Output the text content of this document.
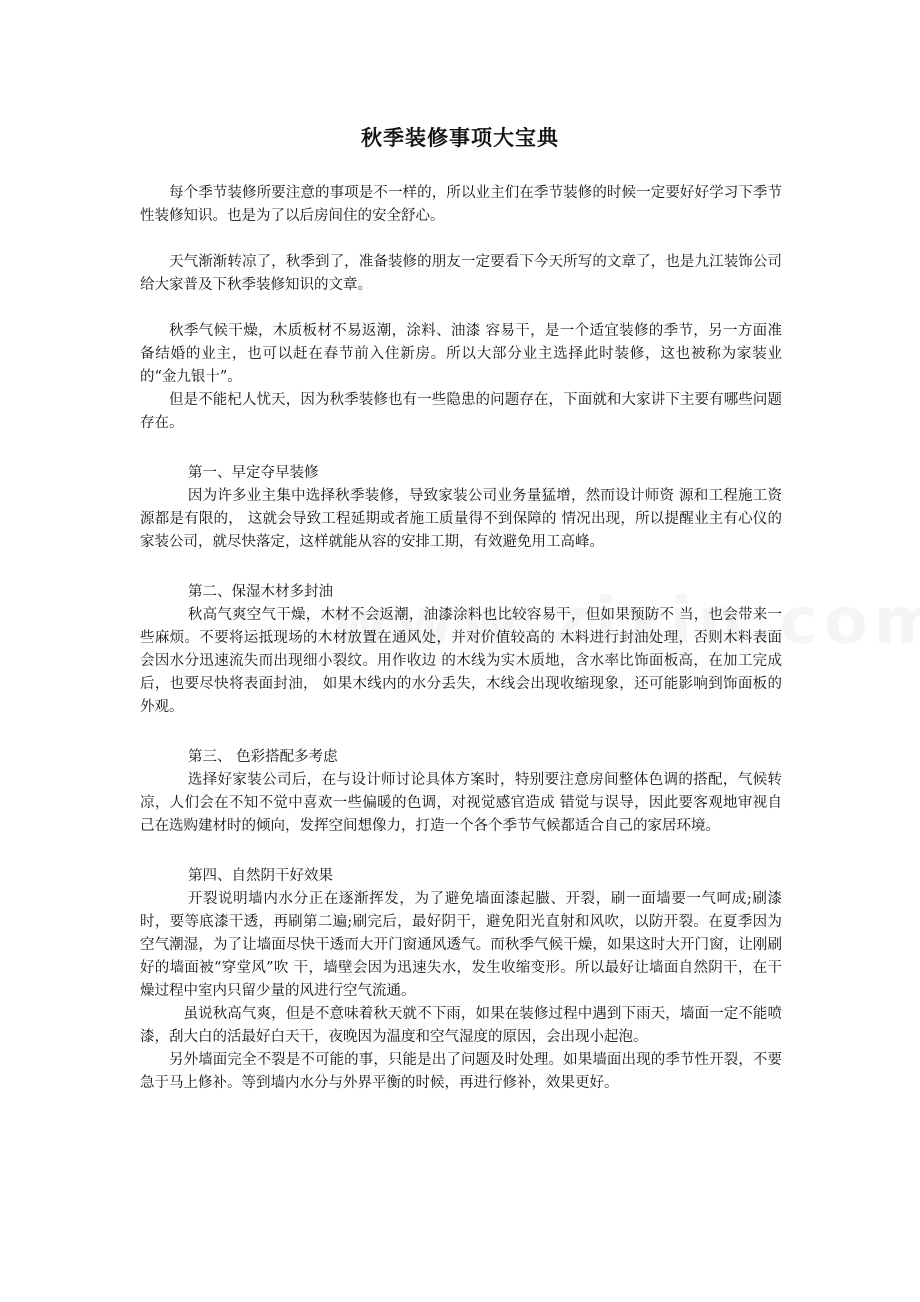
秋季装修事项大宝典

每个季节装修所要注意的事项是不一样的，所以业主们在季节装修的时候一定要好好学习下季节性装修知识。也是为了以后房间住的安全舒心。

天气渐渐转凉了，秋季到了，准备装修的朋友一定要看下今天所写的文章了，也是九江装饰公司给大家普及下秋季装修知识的文章。

秋季气候干燥，木质板材不易返潮，涂料、油漆 容易干，是一个适宜装修的季节，另一方面准备结婚的业主，也可以赶在春节前入住新房。所以大部分业主选择此时装修，这也被称为家装业的“金九银十”。

但是不能杞人忧天，因为秋季装修也有一些隐患的问题存在，下面就和大家讲下主要有哪些问题存在。

第一、早定夺早装修

因为许多业主集中选择秋季装修，导致家装公司业务量猛增，然而设计师资 源和工程施工资源都是有限的， 这就会导致工程延期或者施工质量得不到保障的 情况出现，所以提醒业主有心仪的家装公司，就尽快落定，这样就能从容的安排工期，有效避免用工高峰。

第二、保湿木材多封油

秋高气爽空气干燥，木材不会返潮，油漆涂料也比较容易干，但如果预防不 当，也会带来一些麻烦。不要将运抵现场的木材放置在通风处，并对价值较高的 木料进行封油处理，否则木料表面会因水分迅速流失而出现细小裂纹。用作收边 的木线为实木质地，含水率比饰面板高，在加工完成后，也要尽快将表面封油， 如果木线内的水分丢失，木线会出现收缩现象，还可能影响到饰面板的外观。

第三、 色彩搭配多考虑

选择好家装公司后，在与设计师讨论具体方案时，特别要注意房间整体色调的搭配，气候转凉，人们会在不知不觉中喜欢一些偏暖的色调，对视觉感官造成 错觉与误导，因此要客观地审视自己在选购建材时的倾向，发挥空间想像力，打造一个各个季节气候都适合自己的家居环境。

第四、自然阴干好效果

开裂说明墙内水分正在逐渐挥发，为了避免墙面漆起臌、开裂，刷一面墙要一气呵成;刷漆时，要等底漆干透，再刷第二遍;刷完后，最好阴干，避免阳光直射和风吹，以防开裂。在夏季因为空气潮湿，为了让墙面尽快干透而大开门窗通风透气。而秋季气候干燥，如果这时大开门窗，让刚刷好的墙面被“穿堂风”吹 干，墙壁会因为迅速失水，发生收缩变形。所以最好让墙面自然阴干，在干燥过程中室内只留少量的风进行空气流通。

虽说秋高气爽，但是不意味着秋天就不下雨，如果在装修过程中遇到下雨天，墙面一定不能喷漆，刮大白的活最好白天干，夜晚因为温度和空气湿度的原因，会出现小起泡。

另外墙面完全不裂是不可能的事，只能是出了问题及时处理。如果墙面出现的季节性开裂，不要急于马上修补。等到墙内水分与外界平衡的时候，再进行修补，效果更好。
